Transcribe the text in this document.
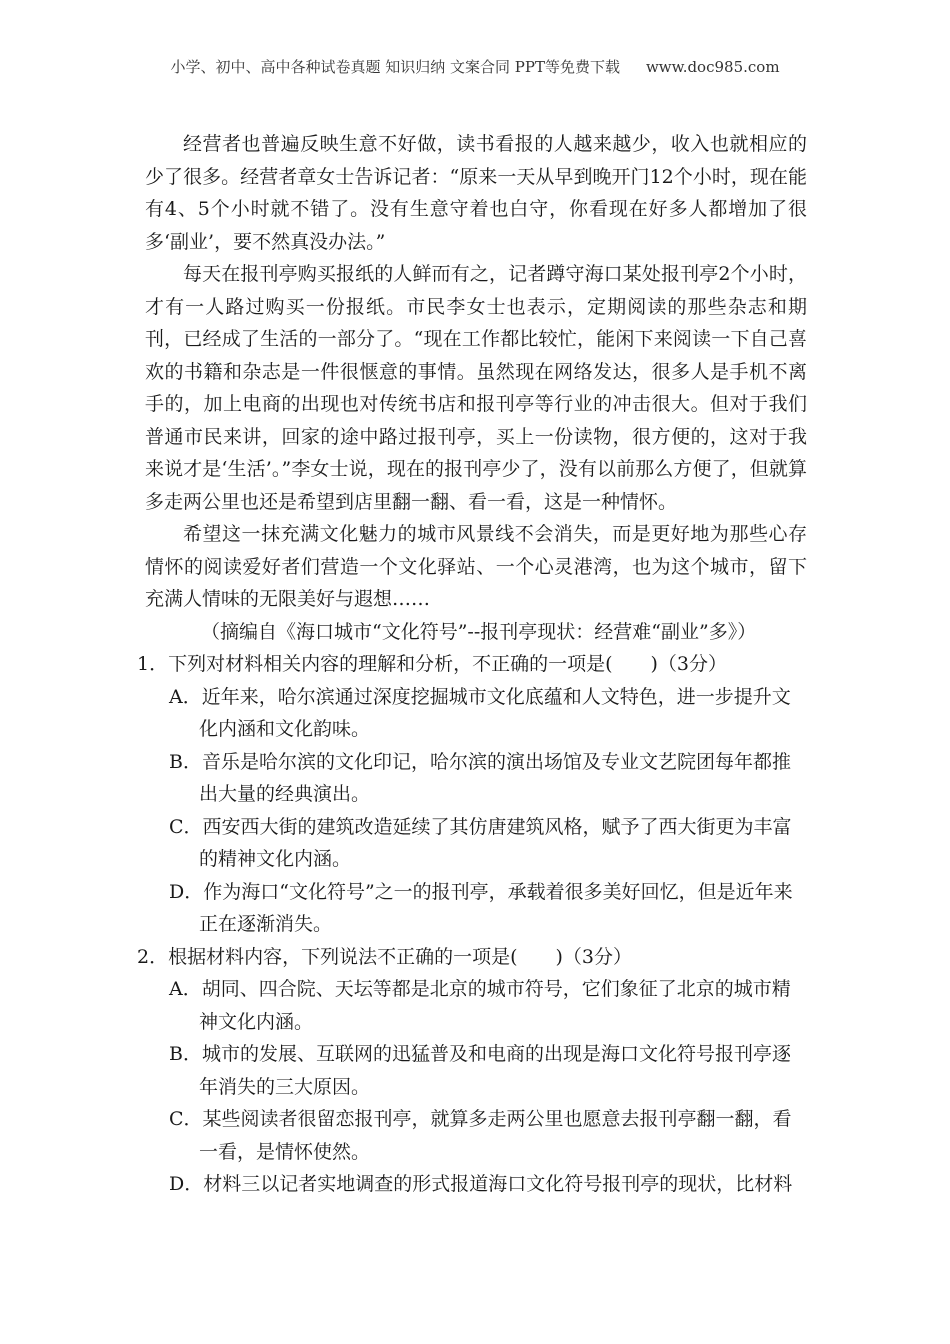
小学、初中、高中各种试卷真题 知识归纳 文案合同 PPT等免费下载 www.doc985.com

经营者也普遍反映生意不好做，读书看报的人越来越少，收入也就相应的少了很多。经营者章女士告诉记者：“原来一天从早到晚开门12个小时，现在能有4、5个小时就不错了。没有生意守着也白守，你看现在好多人都增加了很多‘副业’，要不然真没办法。”

每天在报刊亭购买报纸的人鲜而有之，记者蹲守海口某处报刊亭2个小时，才有一人路过购买一份报纸。市民李女士也表示，定期阅读的那些杂志和期刊，已经成了生活的一部分了。“现在工作都比较忙，能闲下来阅读一下自己喜欢的书籍和杂志是一件很惬意的事情。虽然现在网络发达，很多人是手机不离手的，加上电商的出现也对传统书店和报刊亭等行业的冲击很大。但对于我们普通市民来讲，回家的途中路过报刊亭，买上一份读物，很方便的，这对于我来说才是‘生活’。”李女士说，现在的报刊亭少了，没有以前那么方便了，但就算多走两公里也还是希望到店里翻一翻、看一看，这是一种情怀。

希望这一抹充满文化魅力的城市风景线不会消失，而是更好地为那些心存情怀的阅读爱好者们营造一个文化驿站、一个心灵港湾，也为这个城市，留下充满人情味的无限美好与遐想……

（摘编自《海口城市“文化符号”--报刊亭现状：经营难“副业”多》）

1．下列对材料相关内容的理解和分析，不正确的一项是(　　)（3分）

A．近年来，哈尔滨通过深度挖掘城市文化底蕴和人文特色，进一步提升文化内涵和文化韵味。

B．音乐是哈尔滨的文化印记，哈尔滨的演出场馆及专业文艺院团每年都推出大量的经典演出。

C．西安西大街的建筑改造延续了其仿唐建筑风格，赋予了西大街更为丰富的精神文化内涵。

D．作为海口“文化符号”之一的报刊亭，承载着很多美好回忆，但是近年来正在逐渐消失。

2．根据材料内容，下列说法不正确的一项是(　　)（3分）

A．胡同、四合院、天坛等都是北京的城市符号，它们象征了北京的城市精神文化内涵。

B．城市的发展、互联网的迅猛普及和电商的出现是海口文化符号报刊亭逐年消失的三大原因。

C．某些阅读者很留恋报刊亭，就算多走两公里也愿意去报刊亭翻一翻，看一看，是情怀使然。

D．材料三以记者实地调查的形式报道海口文化符号报刊亭的现状，比材料
